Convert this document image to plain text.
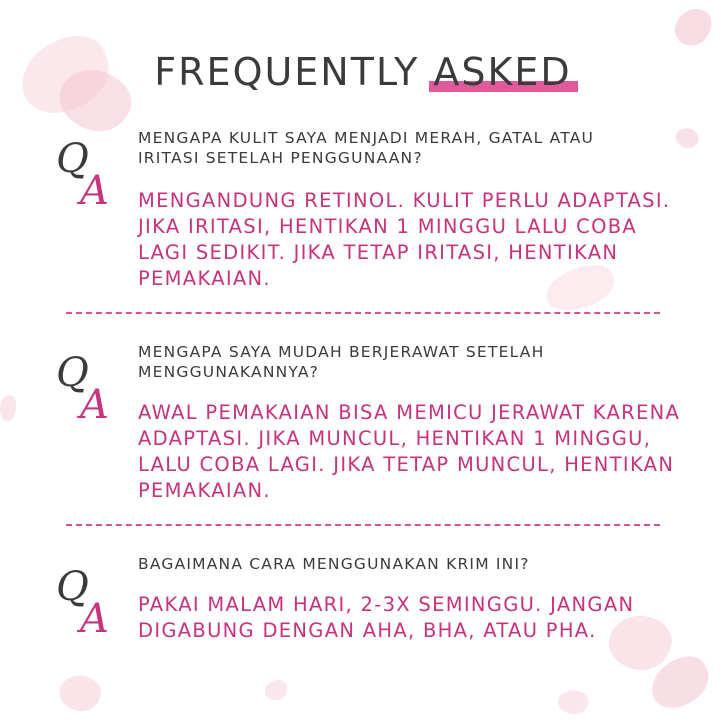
FREQUENTLY ASKED
Q
A
MENGAPA KULIT SAYA MENJADI MERAH, GATAL ATAU IRITASI SETELAH PENGGUNAAN?
MENGANDUNG RETINOL. KULIT PERLU ADAPTASI. JIKA IRITASI, HENTIKAN 1 MINGGU LALU COBA LAGI SEDIKIT. JIKA TETAP IRITASI, HENTIKAN PEMAKAIAN.
Q
A
MENGAPA SAYA MUDAH BERJERAWAT SETELAH MENGGUNAKANNYA?
AWAL PEMAKAIAN BISA MEMICU JERAWAT KARENA ADAPTASI. JIKA MUNCUL, HENTIKAN 1 MINGGU, LALU COBA LAGI. JIKA TETAP MUNCUL, HENTIKAN PEMAKAIAN.
Q
A
BAGAIMANA CARA MENGGUNAKAN KRIM INI?
PAKAI MALAM HARI, 2-3X SEMINGGU. JANGAN DIGABUNG DENGAN AHA, BHA, ATAU PHA.
